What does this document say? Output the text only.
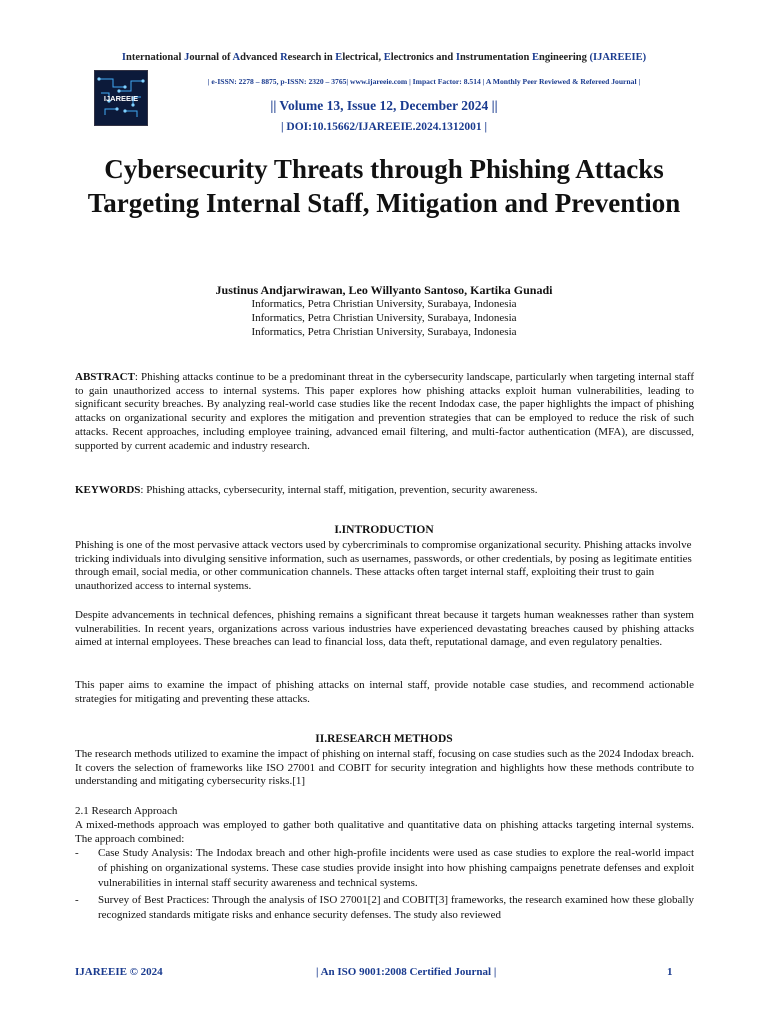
International Journal of Advanced Research in Electrical, Electronics and Instrumentation Engineering (IJAREEIE)
IJAREEIE
| e-ISSN: 2278 – 8875, p-ISSN: 2320 – 3765| www.ijareeie.com | Impact Factor: 8.514 | A Monthly Peer Reviewed & Refereed Journal |
|| Volume 13, Issue 12, December 2024 ||
| DOI:10.15662/IJAREEIE.2024.1312001 |
Cybersecurity Threats through Phishing Attacks Targeting Internal Staff, Mitigation and Prevention
Justinus Andjarwirawan, Leo Willyanto Santoso, Kartika Gunadi
Informatics, Petra Christian University, Surabaya, Indonesia
Informatics, Petra Christian University, Surabaya, Indonesia
Informatics, Petra Christian University, Surabaya, Indonesia

ABSTRACT: Phishing attacks continue to be a predominant threat in the cybersecurity landscape, particularly when targeting internal staff to gain unauthorized access to internal systems. This paper explores how phishing attacks exploit human vulnerabilities, leading to significant security breaches. By analyzing real-world case studies like the recent Indodax case, the paper highlights the impact of phishing attacks on organizational security and explores the mitigation and prevention strategies that can be employed to reduce the risk of such attacks. Recent approaches, including employee training, advanced email filtering, and multi-factor authentication (MFA), are discussed, supported by current academic and industry research.

KEYWORDS: Phishing attacks, cybersecurity, internal staff, mitigation, prevention, security awareness.

I.INTRODUCTION

Phishing is one of the most pervasive attack vectors used by cybercriminals to compromise organizational security. Phishing attacks involve tricking individuals into divulging sensitive information, such as usernames, passwords, or other credentials, by posing as legitimate entities through email, social media, or other communication channels. These attacks often target internal staff, exploiting their trust to gain unauthorized access to internal systems.

Despite advancements in technical defences, phishing remains a significant threat because it targets human weaknesses rather than system vulnerabilities. In recent years, organizations across various industries have experienced devastating breaches caused by phishing attacks aimed at internal employees. These breaches can lead to financial loss, data theft, reputational damage, and even regulatory penalties.

This paper aims to examine the impact of phishing attacks on internal staff, provide notable case studies, and recommend actionable strategies for mitigating and preventing these attacks.

II.RESEARCH METHODS

The research methods utilized to examine the impact of phishing on internal staff, focusing on case studies such as the 2024 Indodax breach. It covers the selection of frameworks like ISO 27001 and COBIT for security integration and highlights how these methods contribute to understanding and mitigating cybersecurity risks.[1]

2.1 Research Approach

A mixed-methods approach was employed to gather both qualitative and quantitative data on phishing attacks targeting internal systems. The approach combined:

- Case Study Analysis: The Indodax breach and other high-profile incidents were used as case studies to explore the real-world impact of phishing on organizational systems. These case studies provide insight into how phishing campaigns penetrate defenses and exploit vulnerabilities in internal staff security awareness and technical systems.
- Survey of Best Practices: Through the analysis of ISO 27001[2] and COBIT[3] frameworks, the research examined how these globally recognized standards mitigate risks and enhance security defenses. The study also reviewed
IJAREEIE © 2024	| An ISO 9001:2008 Certified Journal |	1
